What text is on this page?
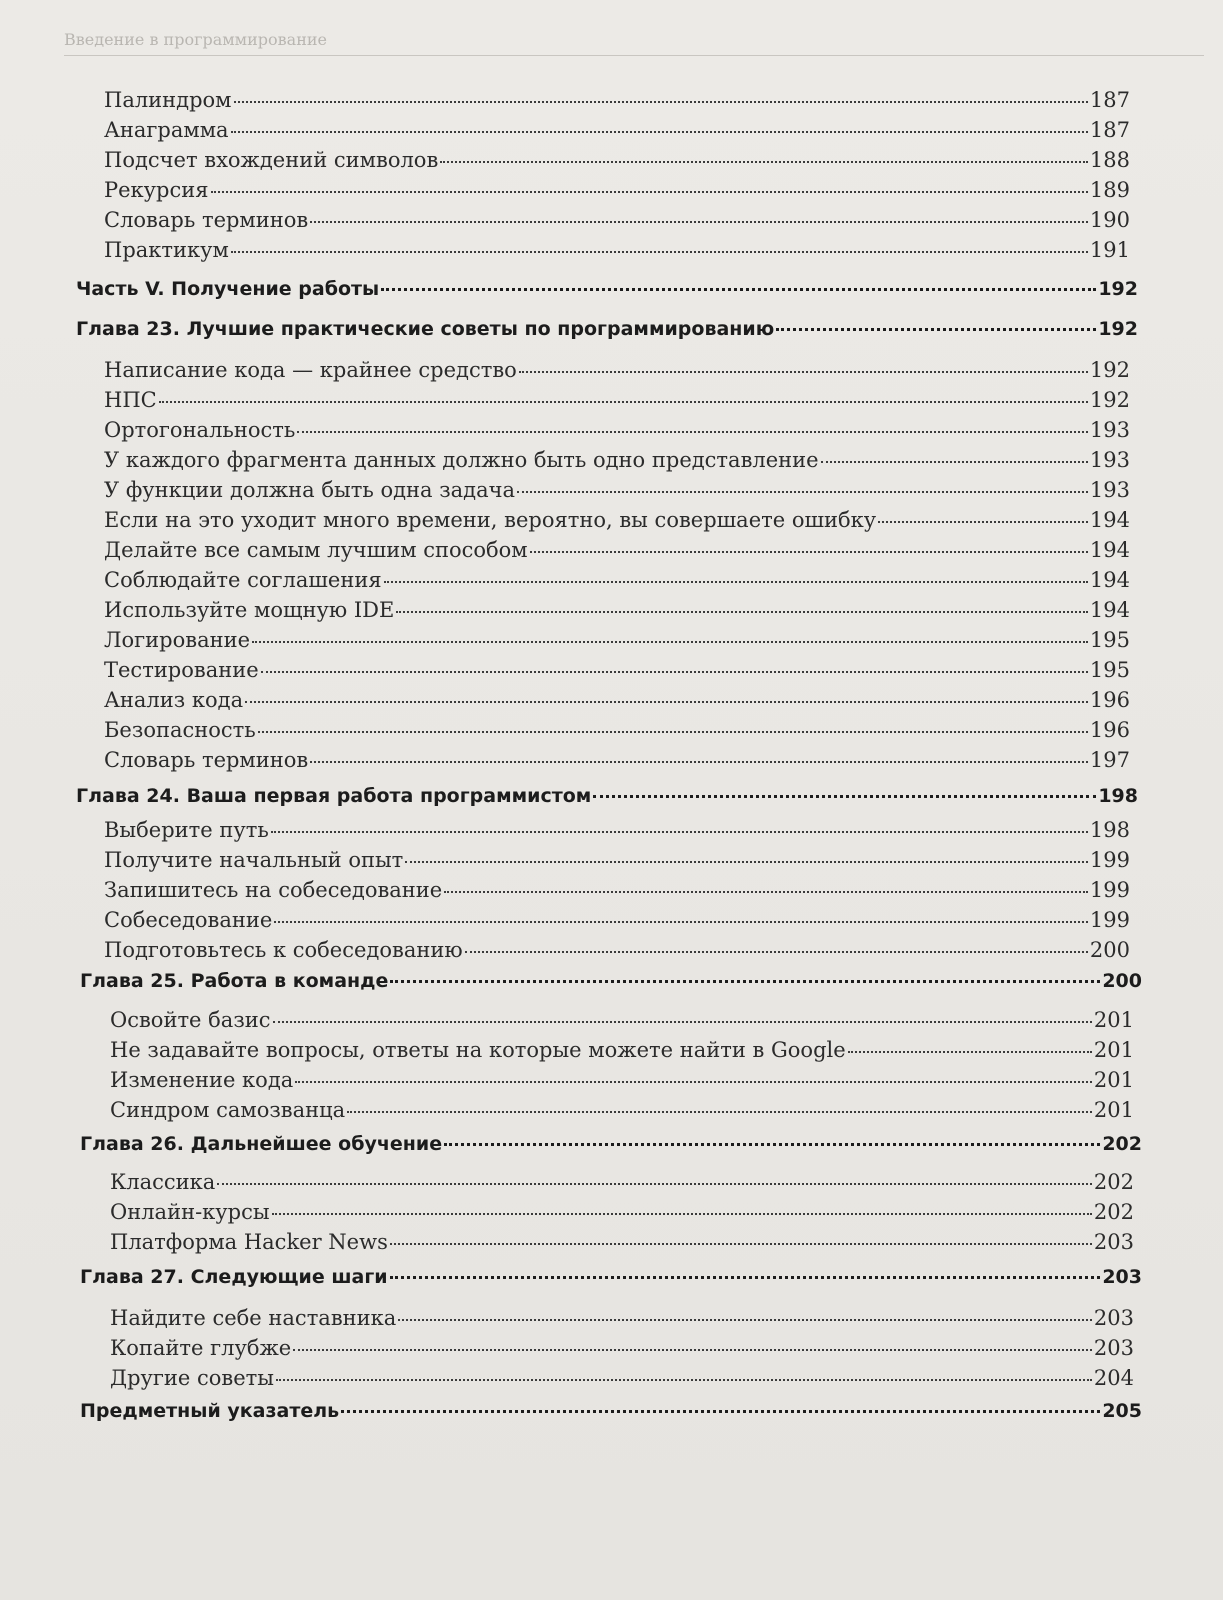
Введение в программирование
Палиндром	187
Анаграмма	187
Подсчет вхождений символов	188
Рекурсия	189
Словарь терминов	190
Практикум	191
Часть V. Получение работы	192
Глава 23. Лучшие практические советы по программированию	192
Написание кода — крайнее средство	192
НПС	192
Ортогональность	193
У каждого фрагмента данных должно быть одно представление	193
У функции должна быть одна задача	193
Если на это уходит много времени, вероятно, вы совершаете ошибку	194
Делайте все самым лучшим способом	194
Соблюдайте соглашения	194
Используйте мощную IDE	194
Логирование	195
Тестирование	195
Анализ кода	196
Безопасность	196
Словарь терминов	197
Глава 24. Ваша первая работа программистом	198
Выберите путь	198
Получите начальный опыт	199
Запишитесь на собеседование	199
Собеседование	199
Подготовьтесь к собеседованию	200
Глава 25. Работа в команде	200
Освойте базис	201
Не задавайте вопросы, ответы на которые можете найти в Google	201
Изменение кода	201
Синдром самозванца	201
Глава 26. Дальнейшее обучение	202
Классика	202
Онлайн-курсы	202
Платформа Hacker News	203
Глава 27. Следующие шаги	203
Найдите себе наставника	203
Копайте глубже	203
Другие советы	204
Предметный указатель	205
